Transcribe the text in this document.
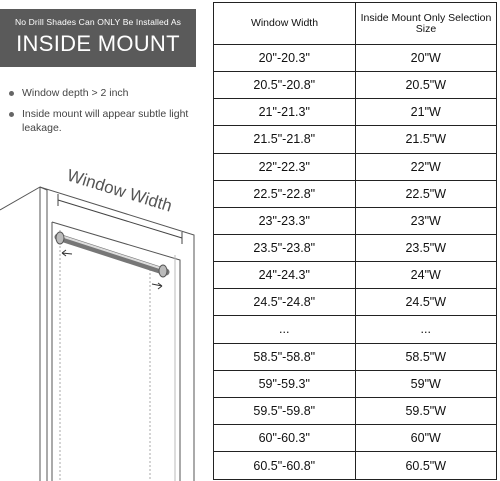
No Drill Shades Can ONLY Be Installed As
INSIDE MOUNT
Window depth > 2 inch
Inside mount will appear subtle light leakage.
Window Width
Window Width	Inside Mount Only Selection Size
20"-20.3"	20"W
20.5"-20.8"	20.5"W
21"-21.3"	21"W
21.5"-21.8"	21.5"W
22"-22.3"	22"W
22.5"-22.8"	22.5"W
23"-23.3"	23"W
23.5"-23.8"	23.5"W
24"-24.3"	24"W
24.5"-24.8"	24.5"W
...	...
58.5"-58.8"	58.5"W
59"-59.3"	59"W
59.5"-59.8"	59.5"W
60"-60.3"	60"W
60.5"-60.8"	60.5"W
